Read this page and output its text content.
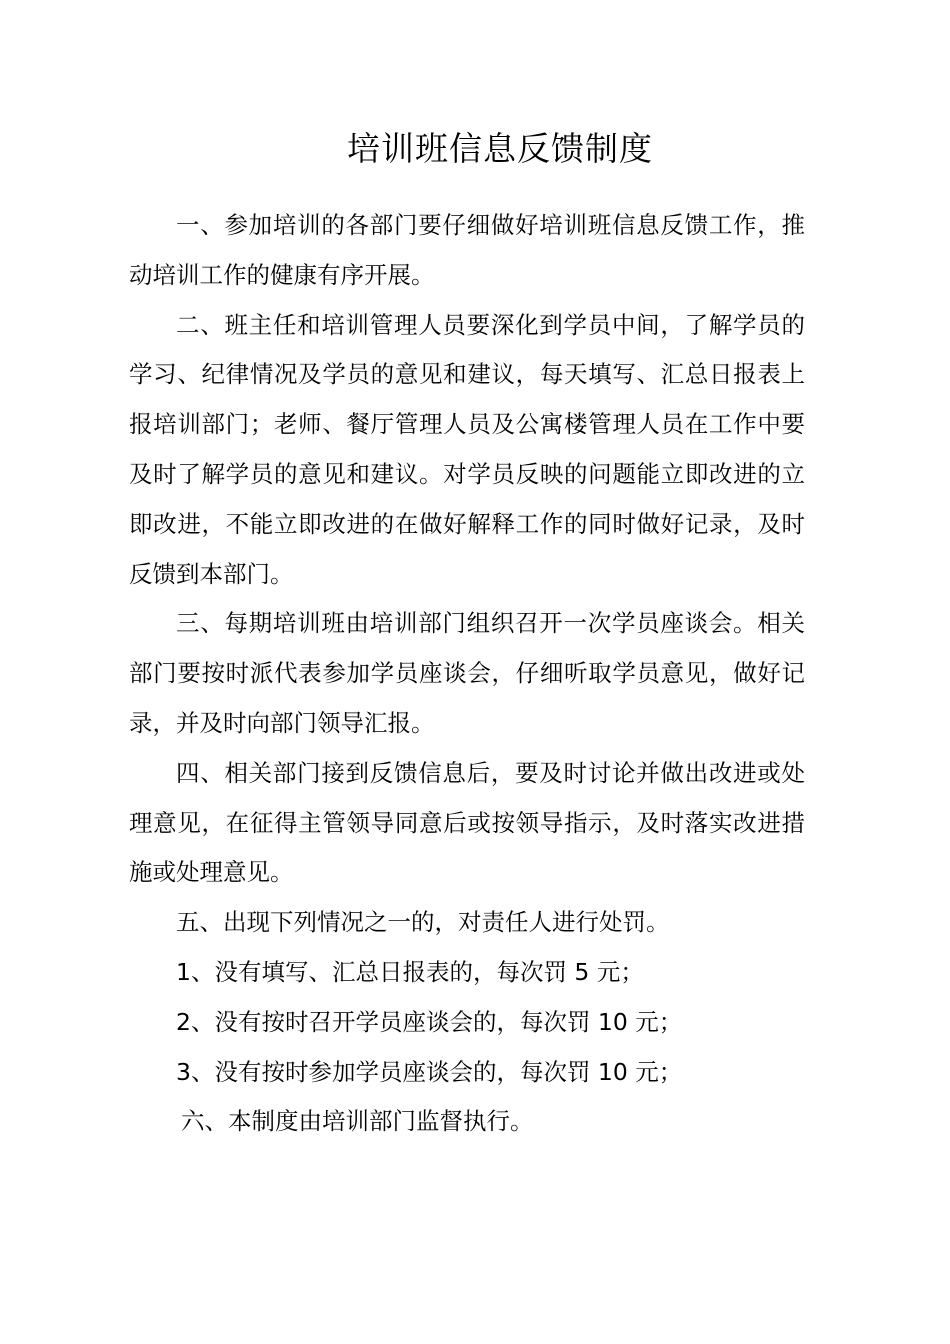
培训班信息反馈制度

一、参加培训的各部门要仔细做好培训班信息反馈工作，推动培训工作的健康有序开展。

二、班主任和培训管理人员要深化到学员中间，了解学员的学习、纪律情况及学员的意见和建议，每天填写、汇总日报表上报培训部门；老师、餐厅管理人员及公寓楼管理人员在工作中要及时了解学员的意见和建议。对学员反映的问题能立即改进的立即改进，不能立即改进的在做好解释工作的同时做好记录，及时反馈到本部门。

三、每期培训班由培训部门组织召开一次学员座谈会。相关部门要按时派代表参加学员座谈会，仔细听取学员意见，做好记录，并及时向部门领导汇报。

四、相关部门接到反馈信息后，要及时讨论并做出改进或处理意见，在征得主管领导同意后或按领导指示，及时落实改进措施或处理意见。

五、出现下列情况之一的，对责任人进行处罚。

1、没有填写、汇总日报表的，每次罚 5 元；

2、没有按时召开学员座谈会的，每次罚 10 元；

3、没有按时参加学员座谈会的，每次罚 10 元；

六、本制度由培训部门监督执行。
